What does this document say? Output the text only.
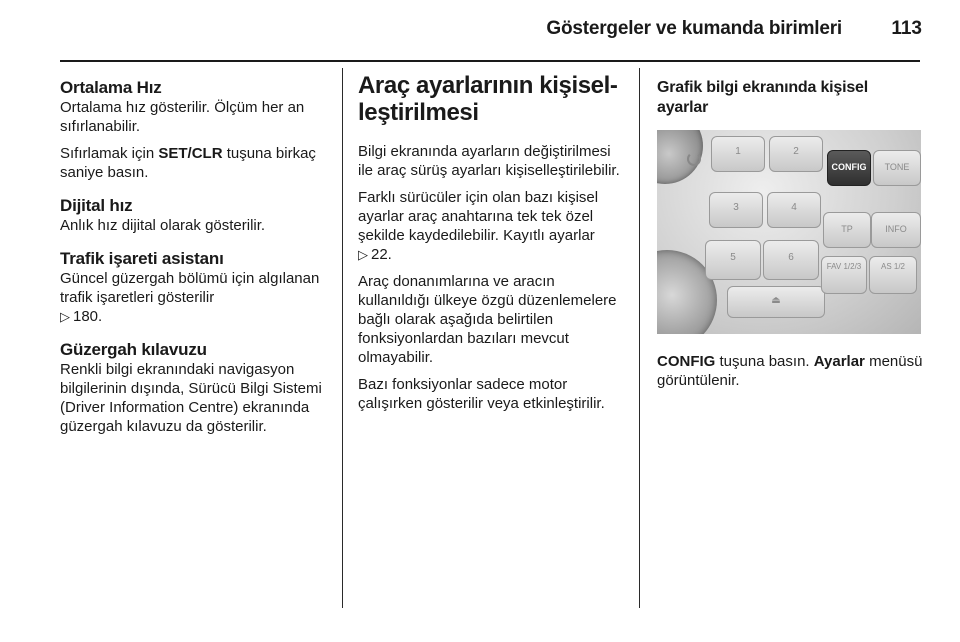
Göstergeler ve kumanda birimleri	113
Ortalama Hız

Ortalama hız gösterilir. Ölçüm her an sıfırlanabilir.

Sıfırlamak için SET/CLR tuşuna birkaç saniye basın.

Dijital hız

Anlık hız dijital olarak gösterilir.

Trafik işareti asistanı

Güncel güzergah bölümü için algılanan trafik işaretleri gösterilir
▷ 180.

Güzergah kılavuzu

Renkli bilgi ekranındaki navigasyon bilgilerinin dışında, Sürücü Bilgi Sistemi (Driver Information Centre) ekranında güzergah kılavuzu da gösterilir.

Araç ayarlarının kişisel-leştirilmesi

Bilgi ekranında ayarların değiştirilmesi ile araç sürüş ayarları kişiselleştirilebilir.

Farklı sürücüler için olan bazı kişisel ayarlar araç anahtarına tek tek özel şekilde kaydedilebilir. Kayıtlı ayarlar
▷ 22.

Araç donanımlarına ve aracın kullanıldığı ülkeye özgü düzenlemelere bağlı olarak aşağıda belirtilen fonksiyonlardan bazıları mevcut olmayabilir.

Bazı fonksiyonlar sadece motor çalışırken gösterilir veya etkinleştirilir.

Grafik bilgi ekranında kişisel ayarlar
1	2
3	4
5	6
⏏
CONFIG	TONE
TP	INFO
FAV 1/2/3	AS 1/2

CONFIG tuşuna basın. Ayarlar menüsü görüntülenir.
